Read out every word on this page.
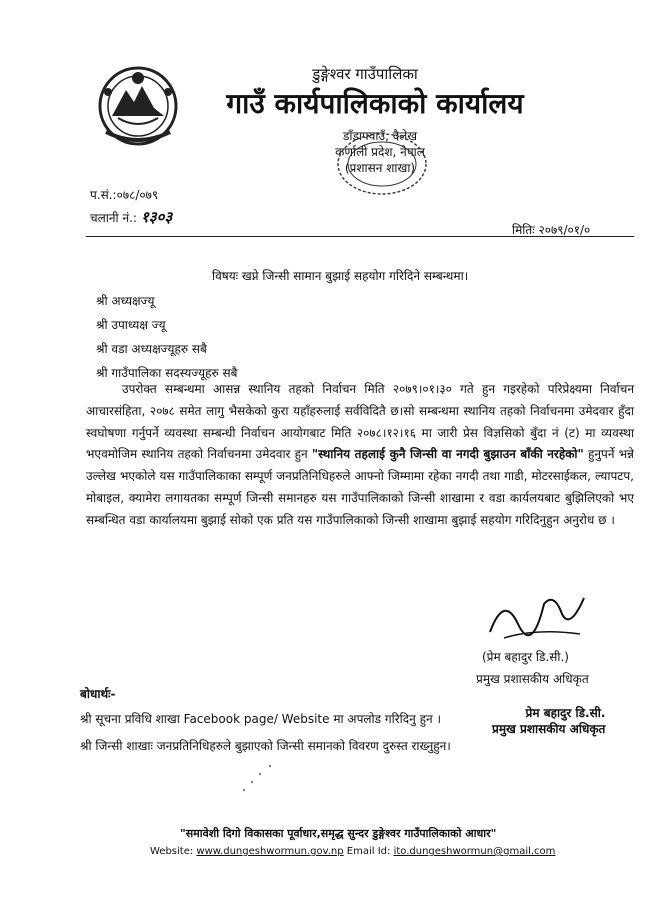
डुङ्गेश्वर गाउँपालिका
गाउँ कार्यपालिकाको कार्यालय
डाँडाफ्याउँ, दैलेख
कर्णाली प्रदेश, नेपाल
(प्रशासन शाखा)
प.सं.:०७८/०७९
चलानी नं.: १३०३
मितिः २०७९/०१/०
विषयः खप्ने जिन्सी सामान बुझाई सहयोग गरिदिने सम्बन्धमा।
श्री अध्यक्षज्यू
श्री उपाध्यक्ष ज्यू
श्री वडा अध्यक्षज्यूहरु सबै
श्री गाउँपालिका सदस्यज्यूहरु सबै
उपरोक्त सम्बन्धमा आसन्न स्थानिय तहको निर्वाचन मिति २०७९।०१।३० गते हुन गइरहेको परिप्रेक्ष्यमा निर्वाचन आचारसंहिता, २०७८ समेत लागु भैसकेको कुरा यहाँहरुलाई सर्वविदितै छ।सो सम्बन्धमा स्थानिय तहको निर्वाचनमा उमेदवार हुँदा स्वघोषणा गर्नुपर्ने व्यवस्था सम्बन्धी निर्वाचन आयोगबाट मिति २०७८।१२।१६ मा जारी प्रेस विज्ञसिको बुँदा नं (ट) मा व्यवस्था भएवमोजिम स्थानिय तहको निर्वाचनमा उमेदवार हुन "स्थानिय तहलाई कुनै जिन्सी वा नगदी बुझाउन बाँकी नरहेको" हुनुपर्ने भन्ने उल्लेख भएकोले यस गाउँपालिकाका सम्पूर्ण जनप्रतिनिधिहरुले आफ्नो जिम्मामा रहेका नगदी तथा गाडी, मोटरसाईकल, ल्यापटप, मोबाइल, क्यामेरा लगायतका सम्पूर्ण जिन्सी समानहरु यस गाउँपालिकाको जिन्सी शाखामा र वडा कार्यलयबाट बुझिलिएको भए सम्बन्धित वडा कार्यालयमा बुझाई सोको एक प्रति यस गाउँपालिकाको जिन्सी शाखामा बुझाई सहयोग गरिदिनुहुन अनुरोध छ ।
(प्रेम बहादुर डि.सी.)
प्रमुख प्रशासकीय अधिकृत
बोधार्थः-
श्री सूचना प्रविधि शाखा Facebook page/ Website मा अपलोड गरिदिनु हुन ।
श्री जिन्सी शाखाः जनप्रतिनिधिहरुले बुझाएको जिन्सी समानको विवरण दुरुस्त राख्नुहुन।
प्रेम बहादुर डि.सी.
प्रमुख प्रशासकीय अधिकृत
"समावेशी दिगो विकासका पूर्वाधार,समृद्ध सुन्दर डुङ्गेश्वर गाउँपालिकाको आधार"
Website: www.dungeshwormun.gov.np Email Id: ito.dungeshwormun@gmail.com
